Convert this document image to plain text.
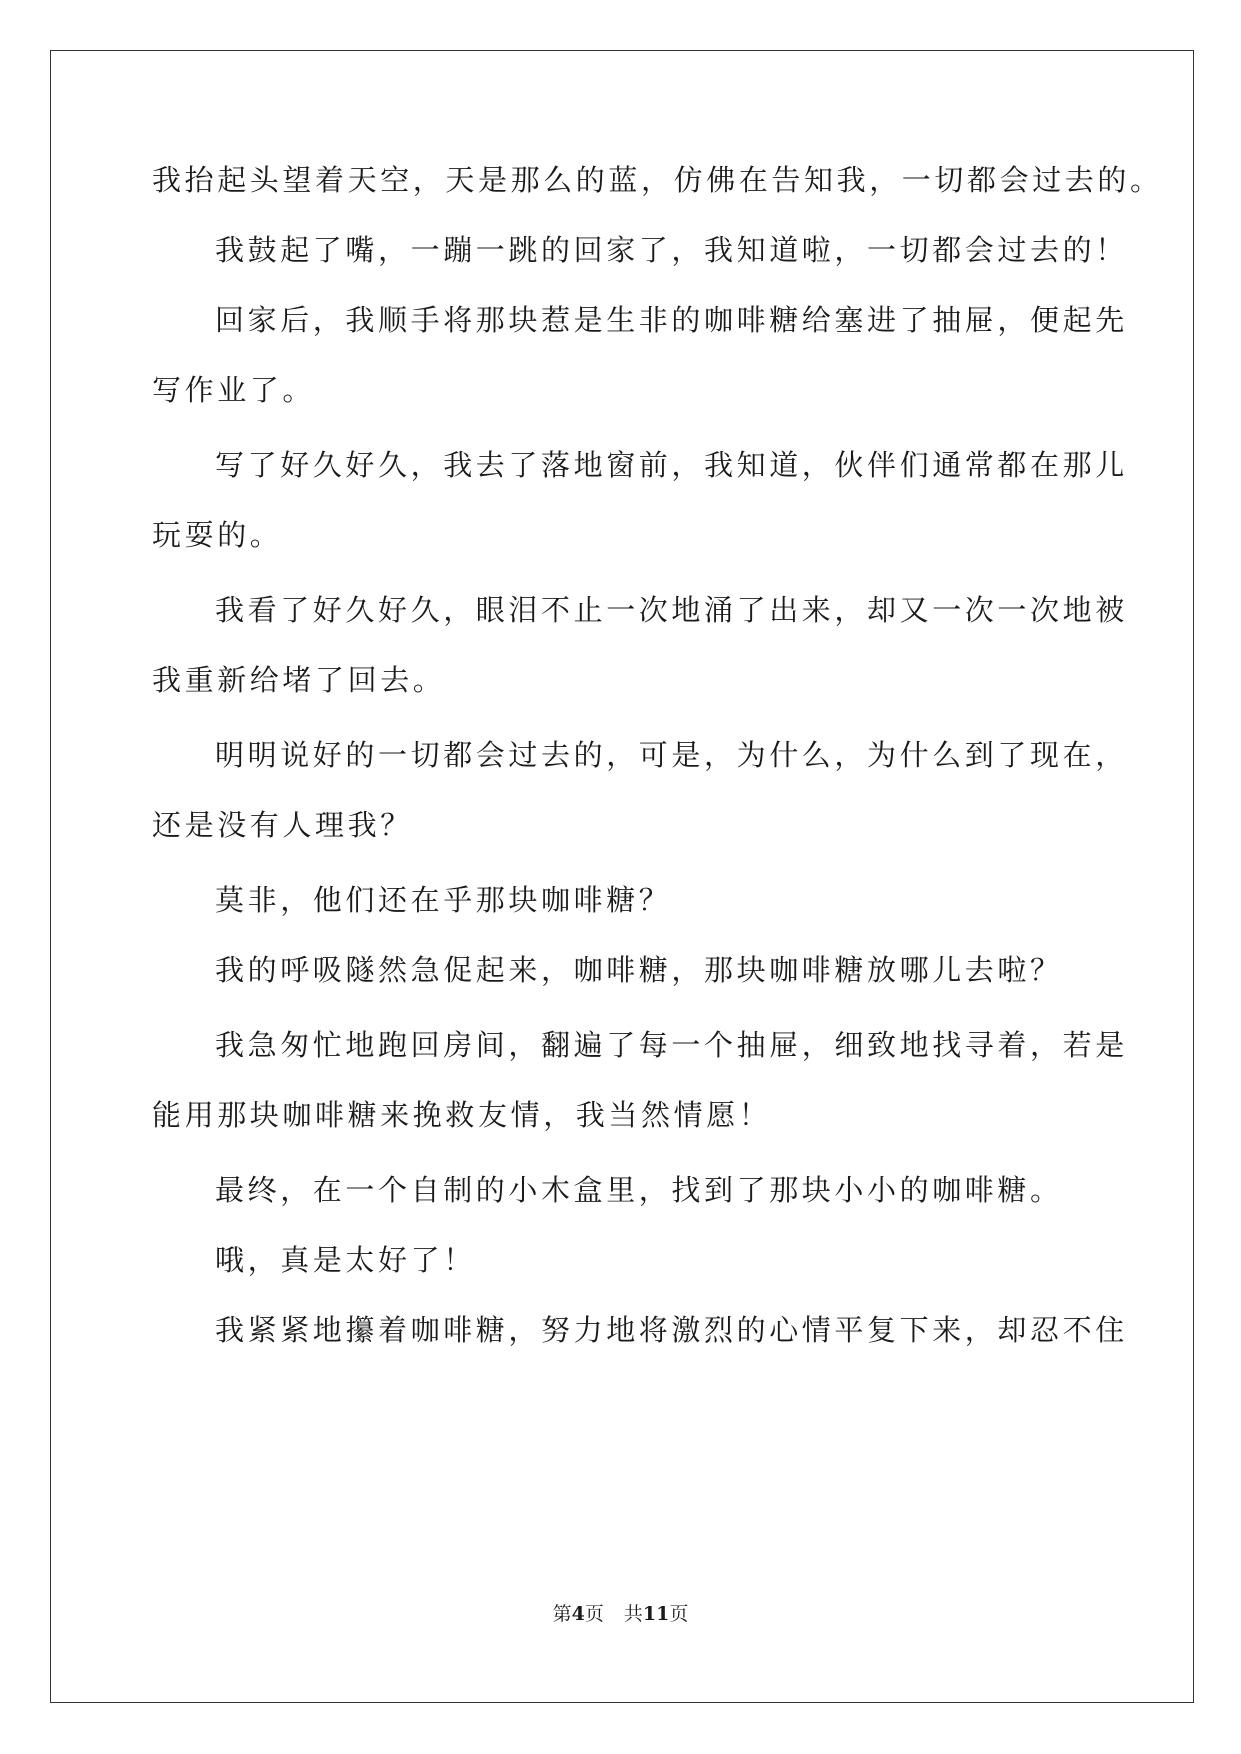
我抬起头望着天空，天是那么的蓝，仿佛在告知我，一切都会过去的。
我鼓起了嘴，一蹦一跳的回家了，我知道啦，一切都会过去的！
回家后，我顺手将那块惹是生非的咖啡糖给塞进了抽屉，便起先
写作业了。
写了好久好久，我去了落地窗前，我知道，伙伴们通常都在那儿
玩耍的。
我看了好久好久，眼泪不止一次地涌了出来，却又一次一次地被
我重新给堵了回去。
明明说好的一切都会过去的，可是，为什么，为什么到了现在，
还是没有人理我？
莫非，他们还在乎那块咖啡糖？
我的呼吸隧然急促起来，咖啡糖，那块咖啡糖放哪儿去啦？
我急匆忙地跑回房间，翻遍了每一个抽屉，细致地找寻着，若是
能用那块咖啡糖来挽救友情，我当然情愿！
最终，在一个自制的小木盒里，找到了那块小小的咖啡糖。
哦，真是太好了！
我紧紧地攥着咖啡糖，努力地将激烈的心情平复下来，却忍不住
第4页 共11页
